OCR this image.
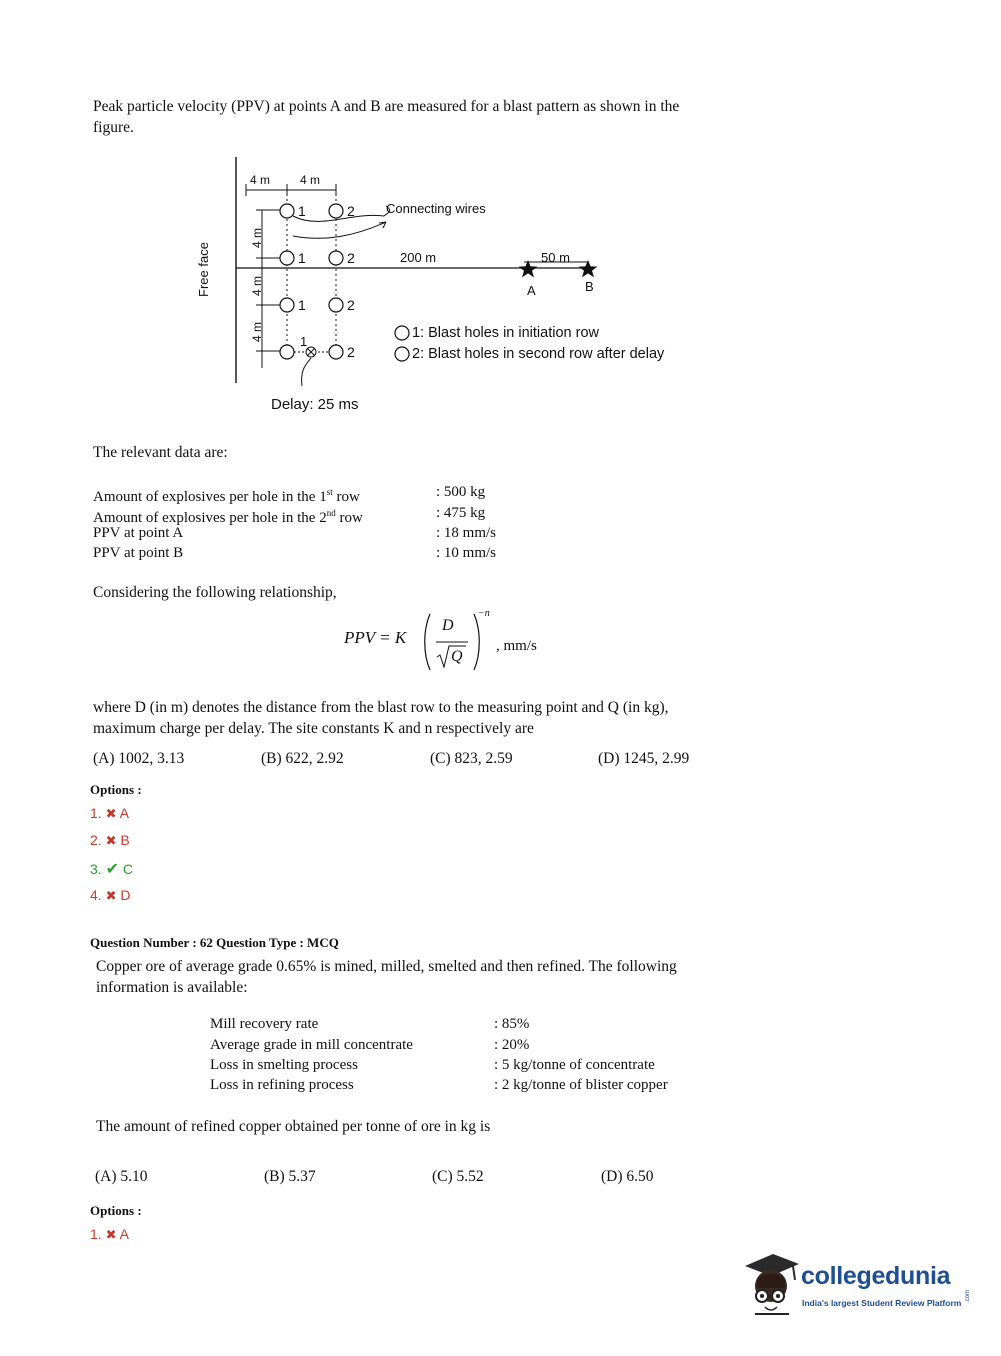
Peak particle velocity (PPV) at points A and B are measured for a blast pattern as shown in the
figure.
Free face
4 m 4 m
4 m
4 m
4 m
1	2
1	2
1	2
1
2
Connecting wires
200 m	50 m
A	B
1: Blast holes in initiation row
2: Blast holes in second row after delay
Delay: 25 ms
The relevant data are:
Amount of explosives per hole in the 1st row	: 500 kg
Amount of explosives per hole in the 2nd row	: 475 kg
PPV at point A	: 18 mm/s
PPV at point B	: 10 mm/s
Considering the following relationship,
PPV = K
D
Q
−n
, mm/s
where D (in m) denotes the distance from the blast row to the measuring point and Q (in kg),
maximum charge per delay. The site constants K and n respectively are
(A) 1002, 3.13	(B) 622, 2.92	(C) 823, 2.59	(D) 1245, 2.99
Options :
1. ✖ A
2. ✖ B
3. ✔ C
4. ✖ D
Question Number : 62 Question Type : MCQ
Copper ore of average grade 0.65% is mined, milled, smelted and then refined. The following
information is available:
Mill recovery rate	: 85%
Average grade in mill concentrate	: 20%
Loss in smelting process	: 5 kg/tonne of concentrate
Loss in refining process	: 2 kg/tonne of blister copper
The amount of refined copper obtained per tonne of ore in kg is
(A) 5.10	(B) 5.37	(C) 5.52	(D) 6.50
Options :
1. ✖ A
collegedunia
.com
India's largest Student Review Platform
